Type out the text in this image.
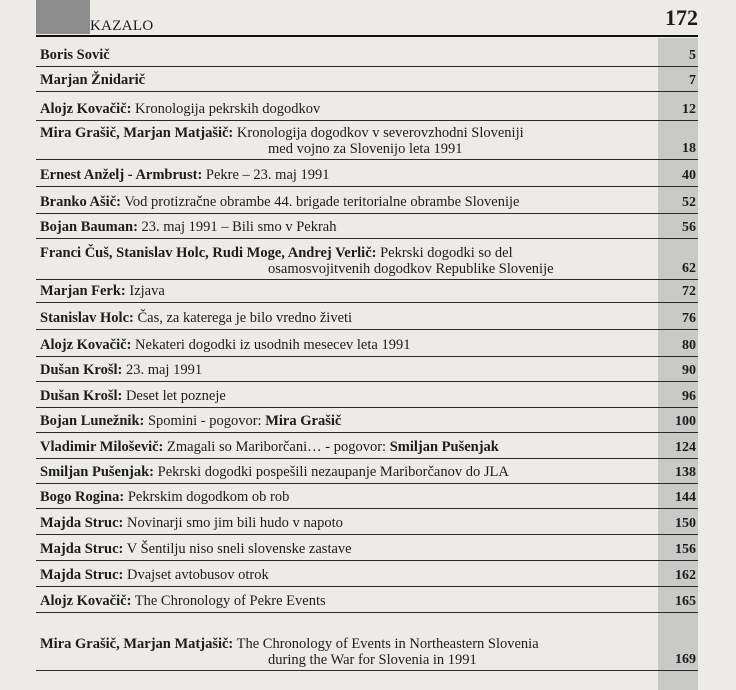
KAZALO	172
Boris Sovič	5
Marjan Žnidarič	7
Alojz Kovačič: Kronologija pekrskih dogodkov	12
Mira Grašič, Marjan Matjašič: Kronologija dogodkov v severovzhodni Sloveniji
med vojno za Slovenijo leta 1991	18
Ernest Anželj - Armbrust: Pekre – 23. maj 1991	40
Branko Ašič: Vod protizračne obrambe 44. brigade teritorialne obrambe Slovenije	52
Bojan Bauman: 23. maj 1991 – Bili smo v Pekrah	56
Franci Čuš, Stanislav Holc, Rudi Moge, Andrej Verlič: Pekrski dogodki so del
osamosvojitvenih dogodkov Republike Slovenije	62
Marjan Ferk: Izjava	72
Stanislav Holc: Čas, za katerega je bilo vredno živeti	76
Alojz Kovačič: Nekateri dogodki iz usodnih mesecev leta 1991	80
Dušan Krošl: 23. maj 1991	90
Dušan Krošl: Deset let pozneje	96
Bojan Lunežnik: Spomini - pogovor: Mira Grašič	100
Vladimir Miloševič: Zmagali so Mariborčani… - pogovor: Smiljan Pušenjak	124
Smiljan Pušenjak: Pekrski dogodki pospešili nezaupanje Mariborčanov do JLA	138
Bogo Rogina: Pekrskim dogodkom ob rob	144
Majda Struc: Novinarji smo jim bili hudo v napoto	150
Majda Struc: V Šentilju niso sneli slovenske zastave	156
Majda Struc: Dvajset avtobusov otrok	162
Alojz Kovačič: The Chronology of Pekre Events	165
Mira Grašič, Marjan Matjašič: The Chronology of Events in Northeastern Slovenia
during the War for Slovenia in 1991	169
